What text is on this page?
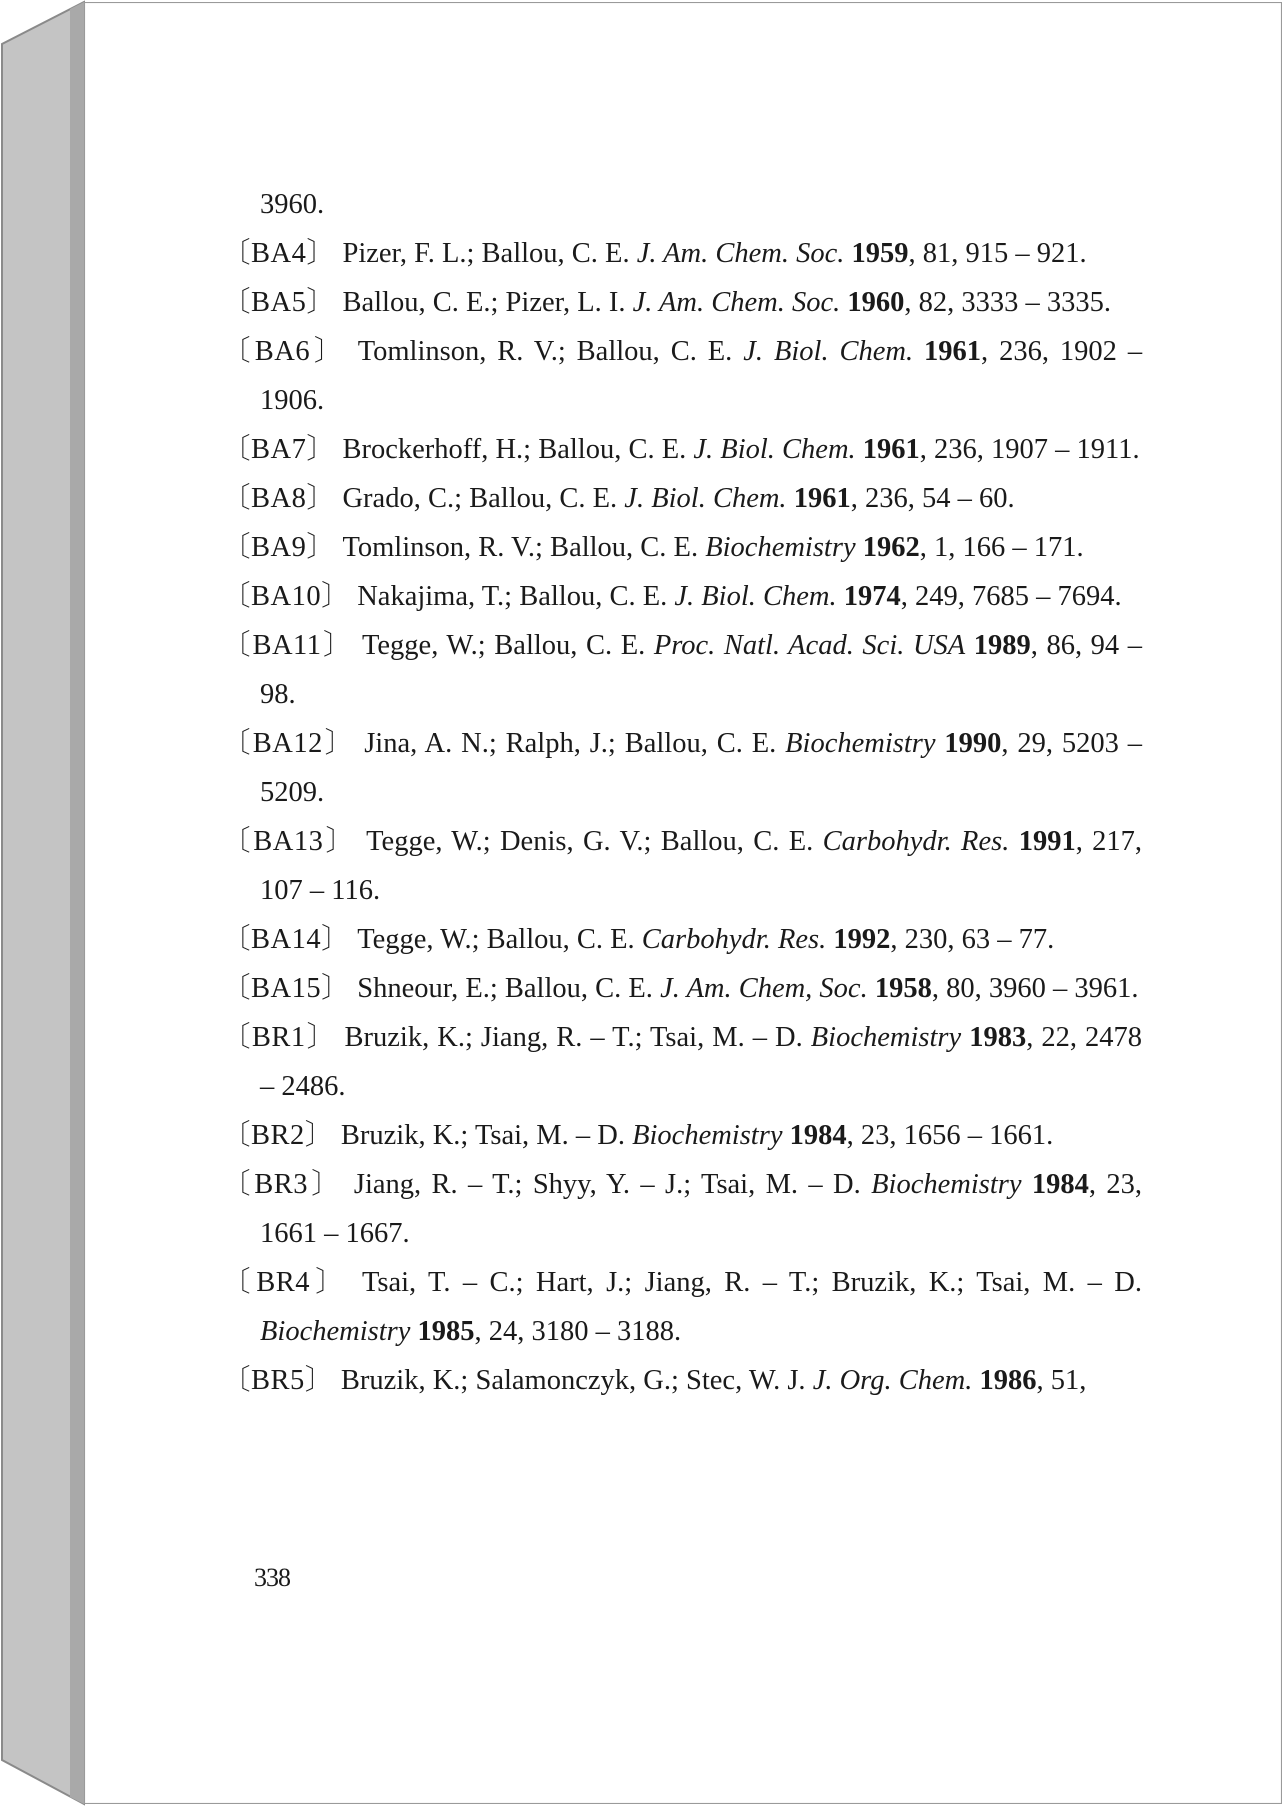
3960.

〔BA4〕 Pizer, F. L.; Ballou, C. E. J. Am. Chem. Soc. 1959, 81, 915 – 921.

〔BA5〕 Ballou, C. E.; Pizer, L. I. J. Am. Chem. Soc. 1960, 82, 3333 – 3335.

〔BA6〕 Tomlinson, R. V.; Ballou, C. E. J. Biol. Chem. 1961, 236, 1902 – 1906.

〔BA7〕 Brockerhoff, H.; Ballou, C. E. J. Biol. Chem. 1961, 236, 1907 – 1911.

〔BA8〕 Grado, C.; Ballou, C. E. J. Biol. Chem. 1961, 236, 54 – 60.

〔BA9〕 Tomlinson, R. V.; Ballou, C. E. Biochemistry 1962, 1, 166 – 171.

〔BA10〕 Nakajima, T.; Ballou, C. E. J. Biol. Chem. 1974, 249, 7685 – 7694.

〔BA11〕 Tegge, W.; Ballou, C. E. Proc. Natl. Acad. Sci. USA 1989, 86, 94 – 98.

〔BA12〕 Jina, A. N.; Ralph, J.; Ballou, C. E. Biochemistry 1990, 29, 5203 – 5209.

〔BA13〕 Tegge, W.; Denis, G. V.; Ballou, C. E. Carbohydr. Res. 1991, 217, 107 – 116.

〔BA14〕 Tegge, W.; Ballou, C. E. Carbohydr. Res. 1992, 230, 63 – 77.

〔BA15〕 Shneour, E.; Ballou, C. E. J. Am. Chem, Soc. 1958, 80, 3960 – 3961.

〔BR1〕 Bruzik, K.; Jiang, R. – T.; Tsai, M. – D. Biochemistry 1983, 22, 2478 – 2486.

〔BR2〕 Bruzik, K.; Tsai, M. – D. Biochemistry 1984, 23, 1656 – 1661.

〔BR3〕 Jiang, R. – T.; Shyy, Y. – J.; Tsai, M. – D. Biochemistry 1984, 23, 1661 – 1667.

〔BR4〕 Tsai, T. – C.; Hart, J.; Jiang, R. – T.; Bruzik, K.; Tsai, M. – D. Biochemistry 1985, 24, 3180 – 3188.

〔BR5〕 Bruzik, K.; Salamonczyk, G.; Stec, W. J. J. Org. Chem. 1986, 51,

338
